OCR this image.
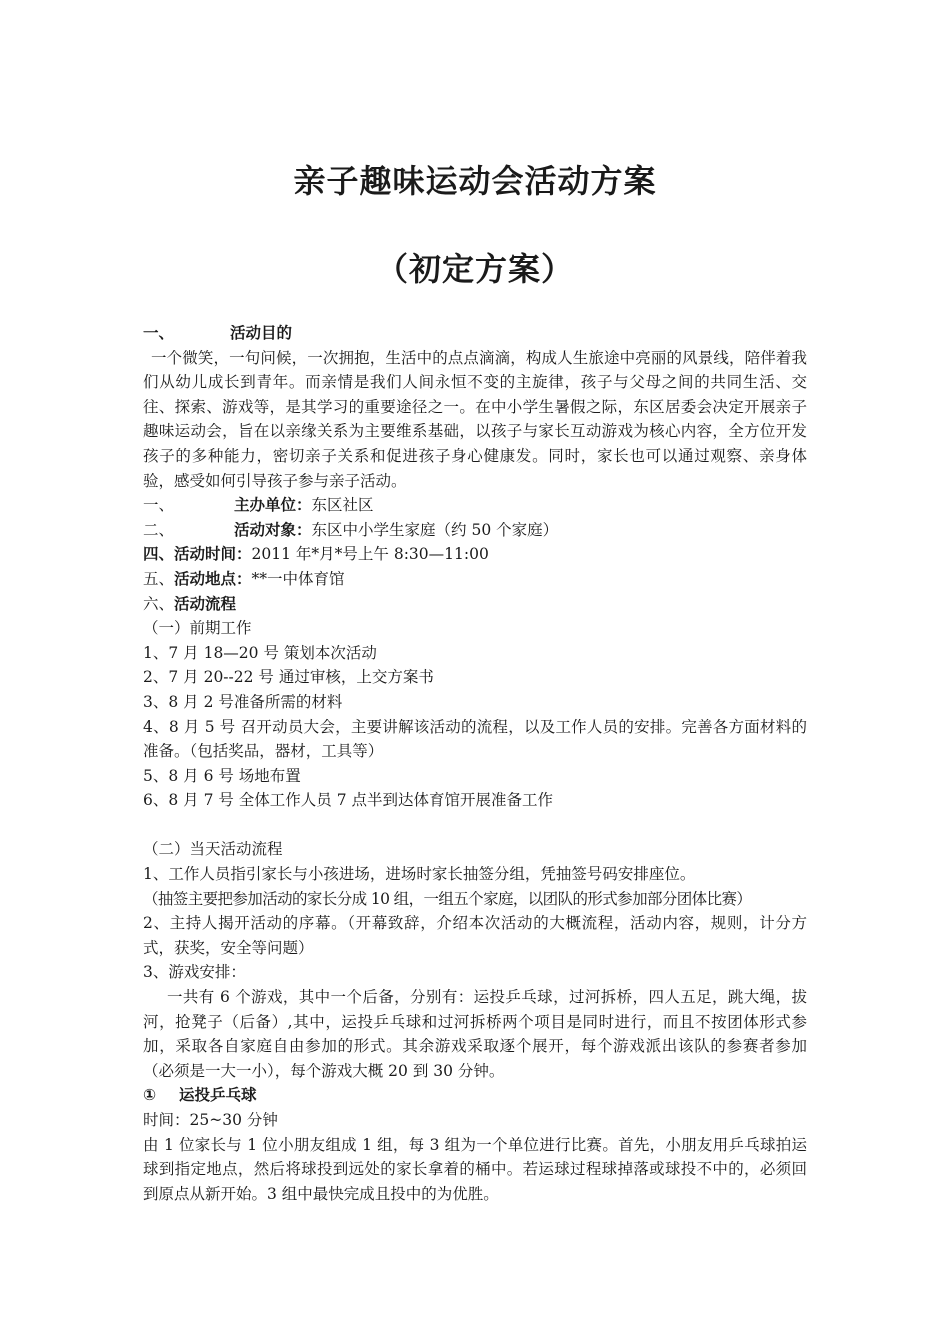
亲子趣味运动会活动方案
（初定方案）

一、	活动目的

一个微笑，一句问候，一次拥抱，生活中的点点滴滴，构成人生旅途中亮丽的风景线，陪伴着我们从幼儿成长到青年。而亲情是我们人间永恒不变的主旋律，孩子与父母之间的共同生活、交往、探索、游戏等，是其学习的重要途径之一。在中小学生暑假之际，东区居委会决定开展亲子趣味运动会，旨在以亲缘关系为主要维系基础，以孩子与家长互动游戏为核心内容，全方位开发孩子的多种能力，密切亲子关系和促进孩子身心健康发。同时，家长也可以通过观察、亲身体验，感受如何引导孩子参与亲子活动。

一、	主办单位：东区社区

二、	活动对象：东区中小学生家庭（约 50 个家庭）

四、活动时间：2011 年*月*号上午 8:30—11:00

五、活动地点：**一中体育馆

六、活动流程

（一）前期工作

1、7 月 18—20 号 策划本次活动

2、7 月 20--22 号 通过审核，上交方案书

3、8 月 2 号准备所需的材料

4、8 月 5 号 召开动员大会，主要讲解该活动的流程，以及工作人员的安排。完善各方面材料的准备。（包括奖品，器材，工具等）

5、8 月 6 号 场地布置

6、8 月 7 号 全体工作人员 7 点半到达体育馆开展准备工作

（二）当天活动流程

1、工作人员指引家长与小孩进场，进场时家长抽签分组，凭抽签号码安排座位。

（抽签主要把参加活动的家长分成 10 组，一组五个家庭，以团队的形式参加部分团体比赛）

2、主持人揭开活动的序幕。（开幕致辞，介绍本次活动的大概流程，活动内容，规则，计分方式，获奖，安全等问题）

3、游戏安排：

一共有 6 个游戏，其中一个后备，分别有：运投乒乓球，过河拆桥，四人五足，跳大绳，拔河，抢凳子（后备）,其中，运投乒乓球和过河拆桥两个项目是同时进行，而且不按团体形式参加，采取各自家庭自由参加的形式。其余游戏采取逐个展开，每个游戏派出该队的参赛者参加（必须是一大一小），每个游戏大概 20 到 30 分钟。

① 运投乒乓球

时间：25~30 分钟

由 1 位家长与 1 位小朋友组成 1 组，每 3 组为一个单位进行比赛。首先，小朋友用乒乓球拍运球到指定地点，然后将球投到远处的家长拿着的桶中。若运球过程球掉落或球投不中的，必须回到原点从新开始。3 组中最快完成且投中的为优胜。
